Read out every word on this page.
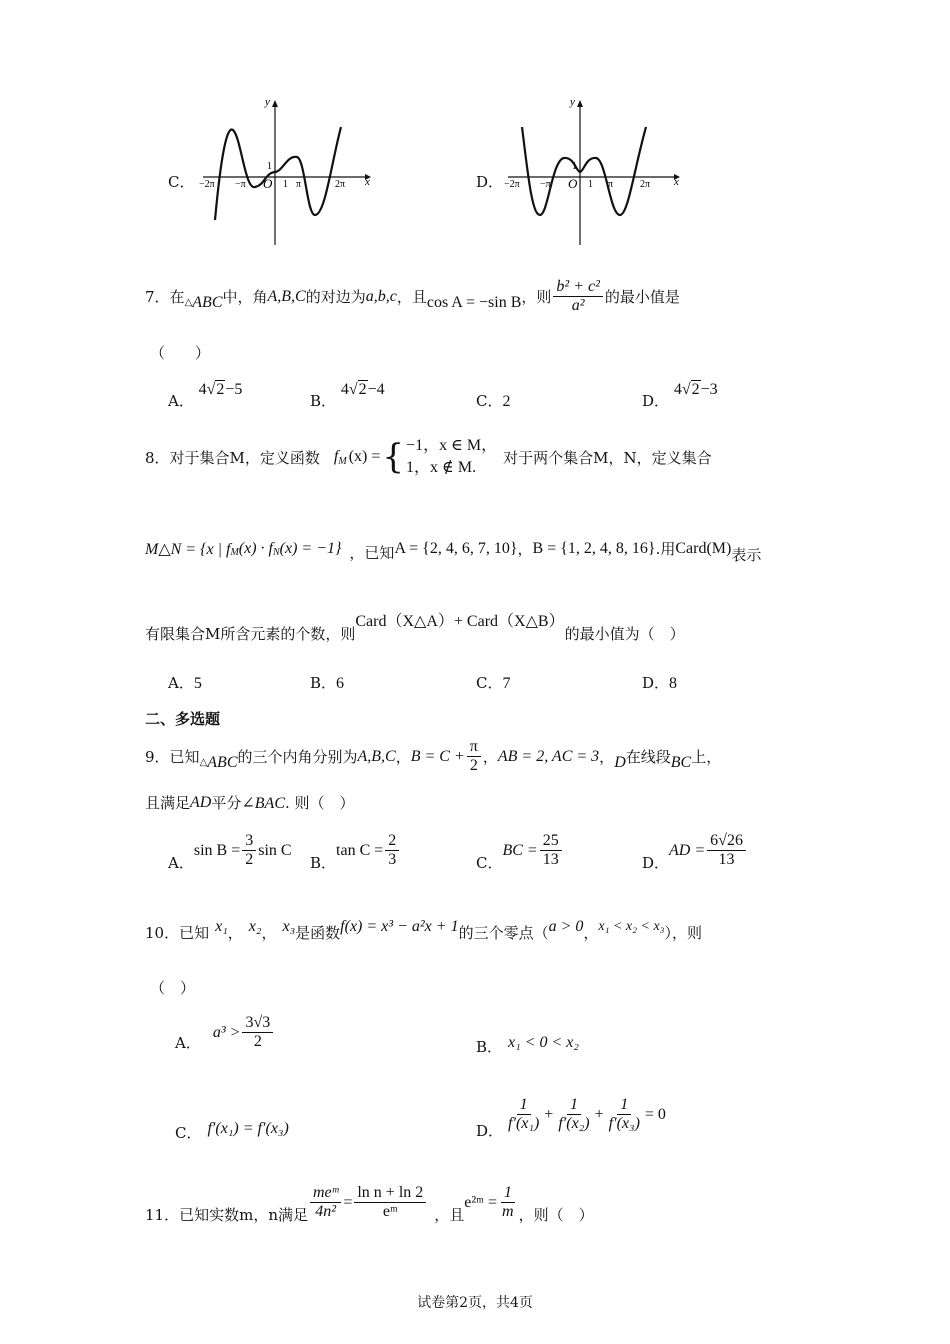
C．
y
x
1
O 1
−2π −π	π	2π	D．
y
x
1
O 1
−2π −π	π	2π
7． 在 △ ABC 中，角 A,B,C 的对边为 a,b,c ，且 cos A = −sin B ，则 $\frac{\text{b² + c²}}{\text{a²}}$ 的最小值是
（　　）
A． 4√2−5
B． 4√2−4
C．2	D． 4√2−3
8． 对于集合M，定义函数 f M (x) = { −1，x ∈ M，
1，x ∉ M.
对于两个集合M，N，定义集合
M△N = {x | f M (x) · f N (x) = −1} ，已知 A = {2, 4, 6, 7, 10} ， B = {1, 2, 4, 8, 16} .用 Card(M) 表示
有限集合M所含元素的个数，则
Card（X△A）+ Card（X△B）
的最小值为（　）
A．5	B．6	C．7	D．8
二、多选题
9． 已知 △ ABC 的三个内角分别为 A,B,C ， $B = C + \frac{\pi}{2}$ ， AB = 2, AC = 3 ， D 在线段 BC 上，
且满足 AD 平分 ∠BAC . 则（　）
A．
$\sin B = \frac{3}{2}$ sin C
B．
$\tan C = \frac{2}{3}$	C．
BC = $\frac{25}{13}$	D．
AD = $\frac{6√26}{13}$
10． 已知 x₁ ， x₂ ， x₃ 是函数 f(x) = x³ − a²x + 1 的三个零点（ a > 0 ， x₁ < x₂ < x₃ ），则
（　）
A．
$a^3 > \frac{3√3}{2}$	B． x₁ < 0 < x₂
C． f′(x₁) = f′(x₃)	D． $\frac{1}{\text{f′(x₁)}} + \frac{1}{\text{f′(x₂)}} + \frac{1}{\text{f′(x₃)}} = 0$
11． 已知实数m，n满足 $\frac{\text{meᵐ}}{\text{4n²}} = \frac{\text{ln n + ln 2}}{\text{eᵐ}}$ ，且
e²ᵐ = $\frac{1}{m}$ ，则（　）
试卷第2页，共4页
